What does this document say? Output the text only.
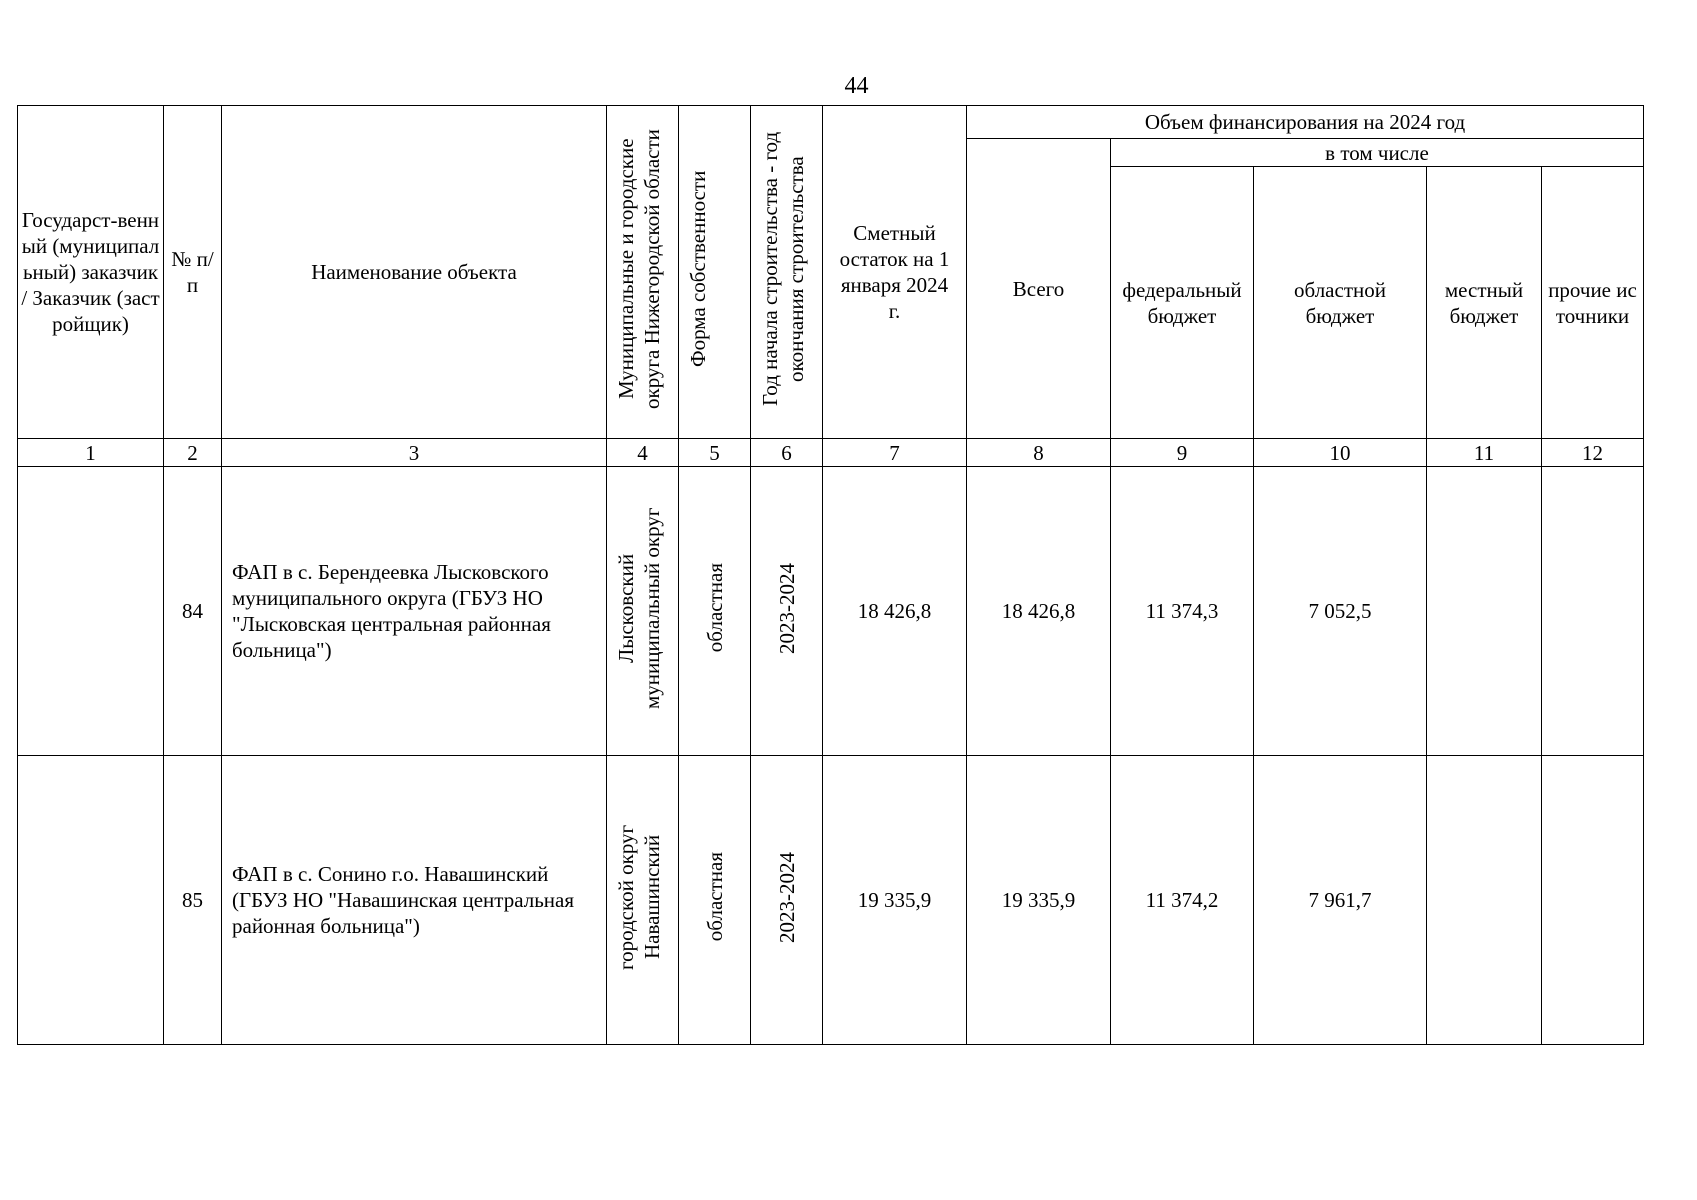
44
Государст-венный (муниципальный) заказчик / Заказчик (застройщик)	№ п/п	Наименование объекта	Муниципальные и городские округа Нижегородской области	Форма собственности	Год начала строительства - год окончания строительства	Сметный остаток на 1 января 2024 г.	Объем финансирования на 2024 год				
							Всего	в том числе			

								федеральный бюджет	областной бюджет	местный бюджет	прочие источники

1	2	3	4	5	6	7	8	9	10	11	12
	84	ФАП в с. Берендеевка Лысковского муниципального округа (ГБУЗ НО "Лысковская центральная районная больница")	Лысковский муниципальный округ	областная	2023-2024	18 426,8	18 426,8	11 374,3	7 052,5		
	85	ФАП в с. Сонино г.о. Навашинский (ГБУЗ НО "Навашинская центральная районная больница")	городской округ Навашинский	областная	2023-2024	19 335,9	19 335,9	11 374,2	7 961,7		
